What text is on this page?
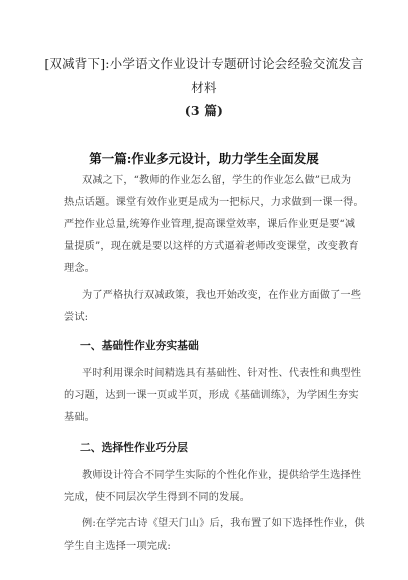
[双减背下]:小学语文作业设计专题研讨论会经验交流发言
材料
(3 篇)
第一篇:作业多元设计，助力学生全面发展
双减之下，“教师的作业怎么留，学生的作业怎么做”已成为
热点话题。课堂有效作业更是成为一把标尺，力求做到一课一得。
严控作业总量,统筹作业管理,提高课堂效率，课后作业更是要“减
量提质”，现在就是要以这样的方式逼着老师改变课堂，改变教育
理念。
为了严格执行双减政策，我也开始改变，在作业方面做了一些
尝试:
一、基础性作业夯实基础
平时利用课余时间精选具有基础性、针对性、代表性和典型性
的习题，达到一课一页或半页，形成《基础训练》，为学困生夯实
基础。
二、选择性作业巧分层
教师设计符合不同学生实际的个性化作业，提供给学生选择性
完成，使不同层次学生得到不同的发展。
例:在学完古诗《望天门山》后，我布置了如下选择性作业，供
学生自主选择一项完成:
